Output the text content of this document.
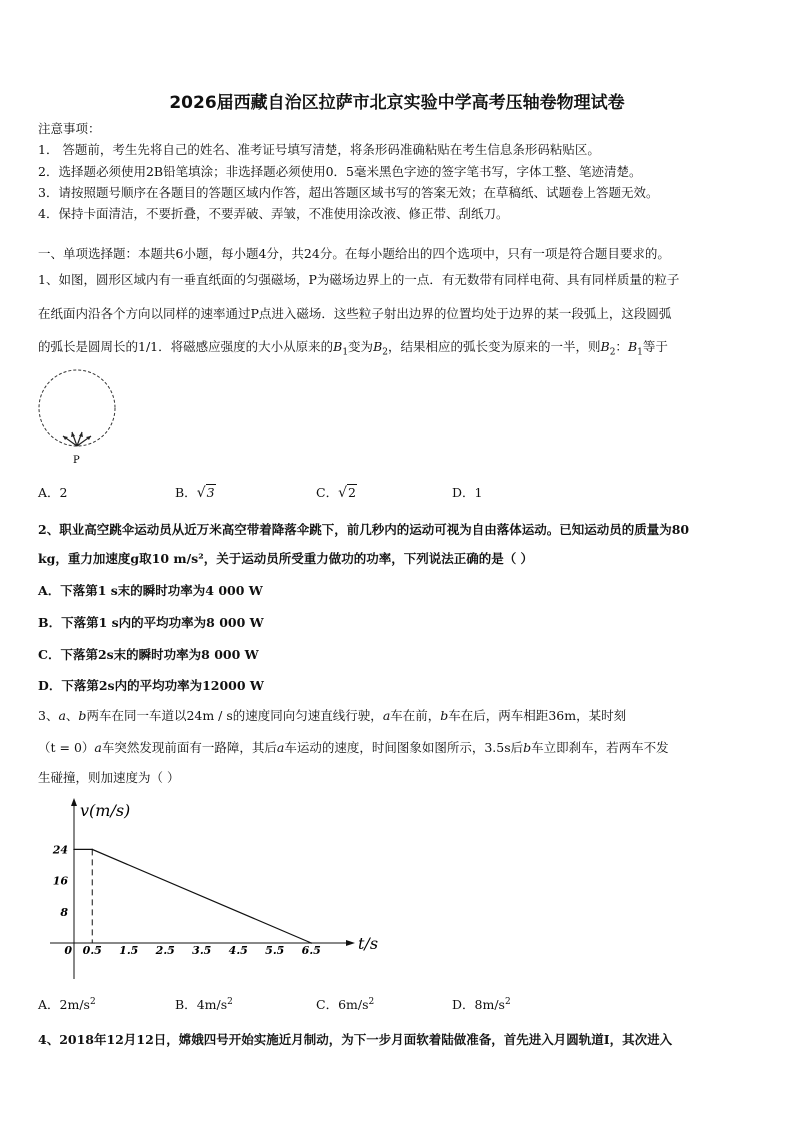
2026届西藏自治区拉萨市北京实验中学高考压轴卷物理试卷
注意事项：
1． 答题前，考生先将自己的姓名、准考证号填写清楚，将条形码准确粘贴在考生信息条形码粘贴区。
2．选择题必须使用2B铅笔填涂；非选择题必须使用0．5毫米黑色字迹的签字笔书写，字体工整、笔迹清楚。
3．请按照题号顺序在各题目的答题区域内作答，超出答题区域书写的答案无效；在草稿纸、试题卷上答题无效。
4．保持卡面清洁，不要折叠，不要弄破、弄皱，不准使用涂改液、修正带、刮纸刀。
一、单项选择题：本题共6小题，每小题4分，共24分。在每小题给出的四个选项中，只有一项是符合题目要求的。
1、如图，圆形区域内有一垂直纸面的匀强磁场，P为磁场边界上的一点．有无数带有同样电荷、具有同样质量的粒子
在纸面内沿各个方向以同样的速率通过P点进入磁场．这些粒子射出边界的位置均处于边界的某一段弧上，这段圆弧
的弧长是圆周长的1/1．将磁感应强度的大小从原来的$B_1$变为$B_2$，结果相应的弧长变为原来的一半，则$B_2$：$B_1$等于
P
A．2	B．√3	C．√2	D．1
2、职业高空跳伞运动员从近万米高空带着降落伞跳下，前几秒内的运动可视为自由落体运动。已知运动员的质量为80
kg，重力加速度g取10 m/s²，关于运动员所受重力做功的功率，下列说法正确的是（ ）
A．下落第1 s末的瞬时功率为4 000 W
B．下落第1 s内的平均功率为8 000 W
C．下落第2s末的瞬时功率为8 000 W
D．下落第2s内的平均功率为12000 W
3、a、b两车在同一车道以24m / s的速度同向匀速直线行驶，a车在前，b车在后，两车相距36m，某时刻
（t = 0）a车突然发现前面有一路障，其后a车运动的速度，时间图象如图所示，3.5s后b车立即刹车，若两车不发
生碰撞，则加速度为（ ）
v(m/s)
t/s
24
16
8
0 0.5 1.5 2.5 3.5 4.5 5.5 6.5
A．$2m/s^2$	B．$4m/s^2$	C．$6m/s^2$	D．$8m/s^2$
4、2018年12月12日，嫦娥四号开始实施近月制动，为下一步月面软着陆做准备，首先进入月圆轨道Ⅰ，其次进入
